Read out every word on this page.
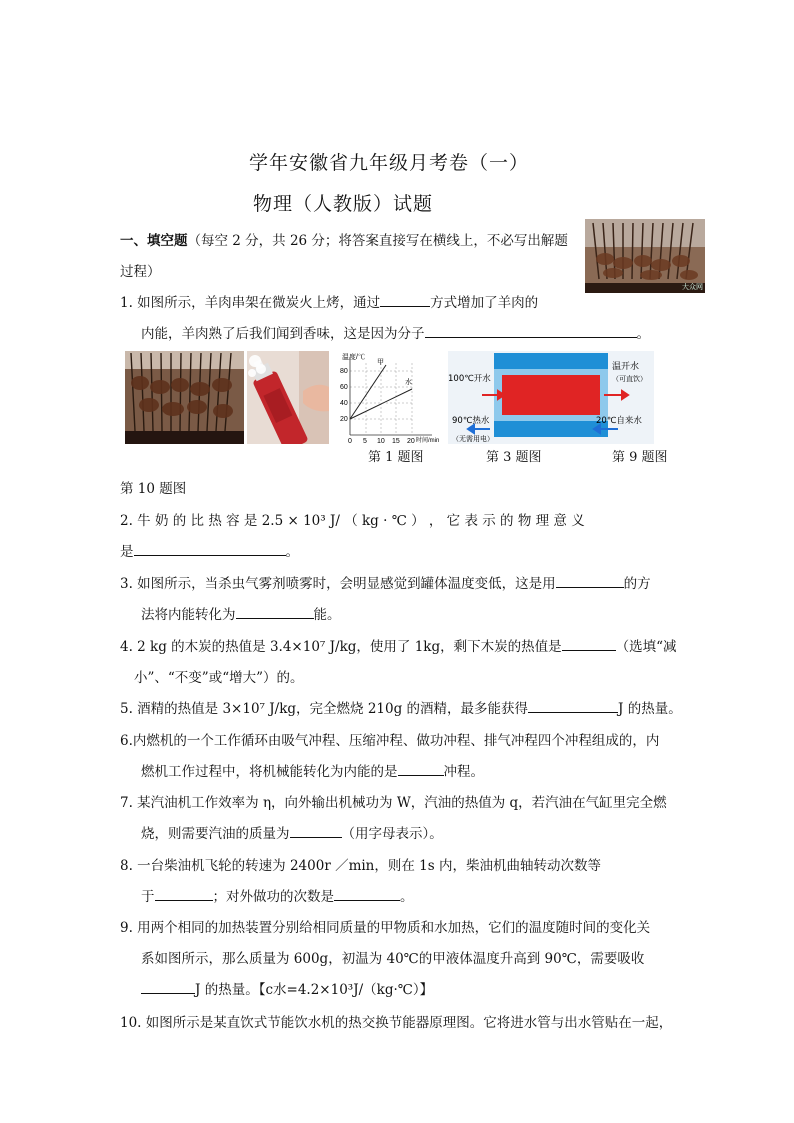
学年安徽省九年级月考卷（一）
物理（人教版）试题
大众网
一、填空题（每空 2 分，共 26 分；将答案直接写在横线上，不必写出解题
过程）
1. 如图所示，羊肉串架在微炭火上烤，通过	方式增加了羊肉的
内能，羊肉熟了后我们闻到香味，这是因为分子	。
温度/℃
甲
水
80
60
40
20
0 5 10 15 20 时间/min
100℃开水
温开水
（可直饮）
90℃热水
（无需用电）
20℃自来水
第 1 题图	第 3 题图	第 9 题图
第 10 题图
2. 牛 奶 的 比 热 容 是 2.5 × 10³ J/ （ kg · ℃ ） ， 它 表 示 的 物 理 意 义
是	。
3. 如图所示，当杀虫气雾剂喷雾时，会明显感觉到罐体温度变低，这是用	的方
法将内能转化为	能。
4. 2 kg 的木炭的热值是 3.4×10⁷ J/kg，使用了 1kg，剩下木炭的热值是	（选填“减
小”、“不变”或“增大”）的。
5. 酒精的热值是 3×10⁷ J/kg，完全燃烧 210g 的酒精，最多能获得	J 的热量。
6.内燃机的一个工作循环由吸气冲程、压缩冲程、做功冲程、排气冲程四个冲程组成的，内
燃机工作过程中，将机械能转化为内能的是	冲程。
7. 某汽油机工作效率为 η，向外输出机械功为 W，汽油的热值为 q，若汽油在气缸里完全燃
烧，则需要汽油的质量为	（用字母表示）。
8. 一台柴油机飞轮的转速为 2400r ／min，则在 1s 内，柴油机曲轴转动次数等
于	；对外做功的次数是	。
9. 用两个相同的加热装置分别给相同质量的甲物质和水加热，它们的温度随时间的变化关
系如图所示，那么质量为 600g，初温为 40℃的甲液体温度升高到 90℃，需要吸收
J 的热量。【c水=4.2×10³J/（kg·℃）】
10. 如图所示是某直饮式节能饮水机的热交换节能器原理图。它将进水管与出水管贴在一起，
